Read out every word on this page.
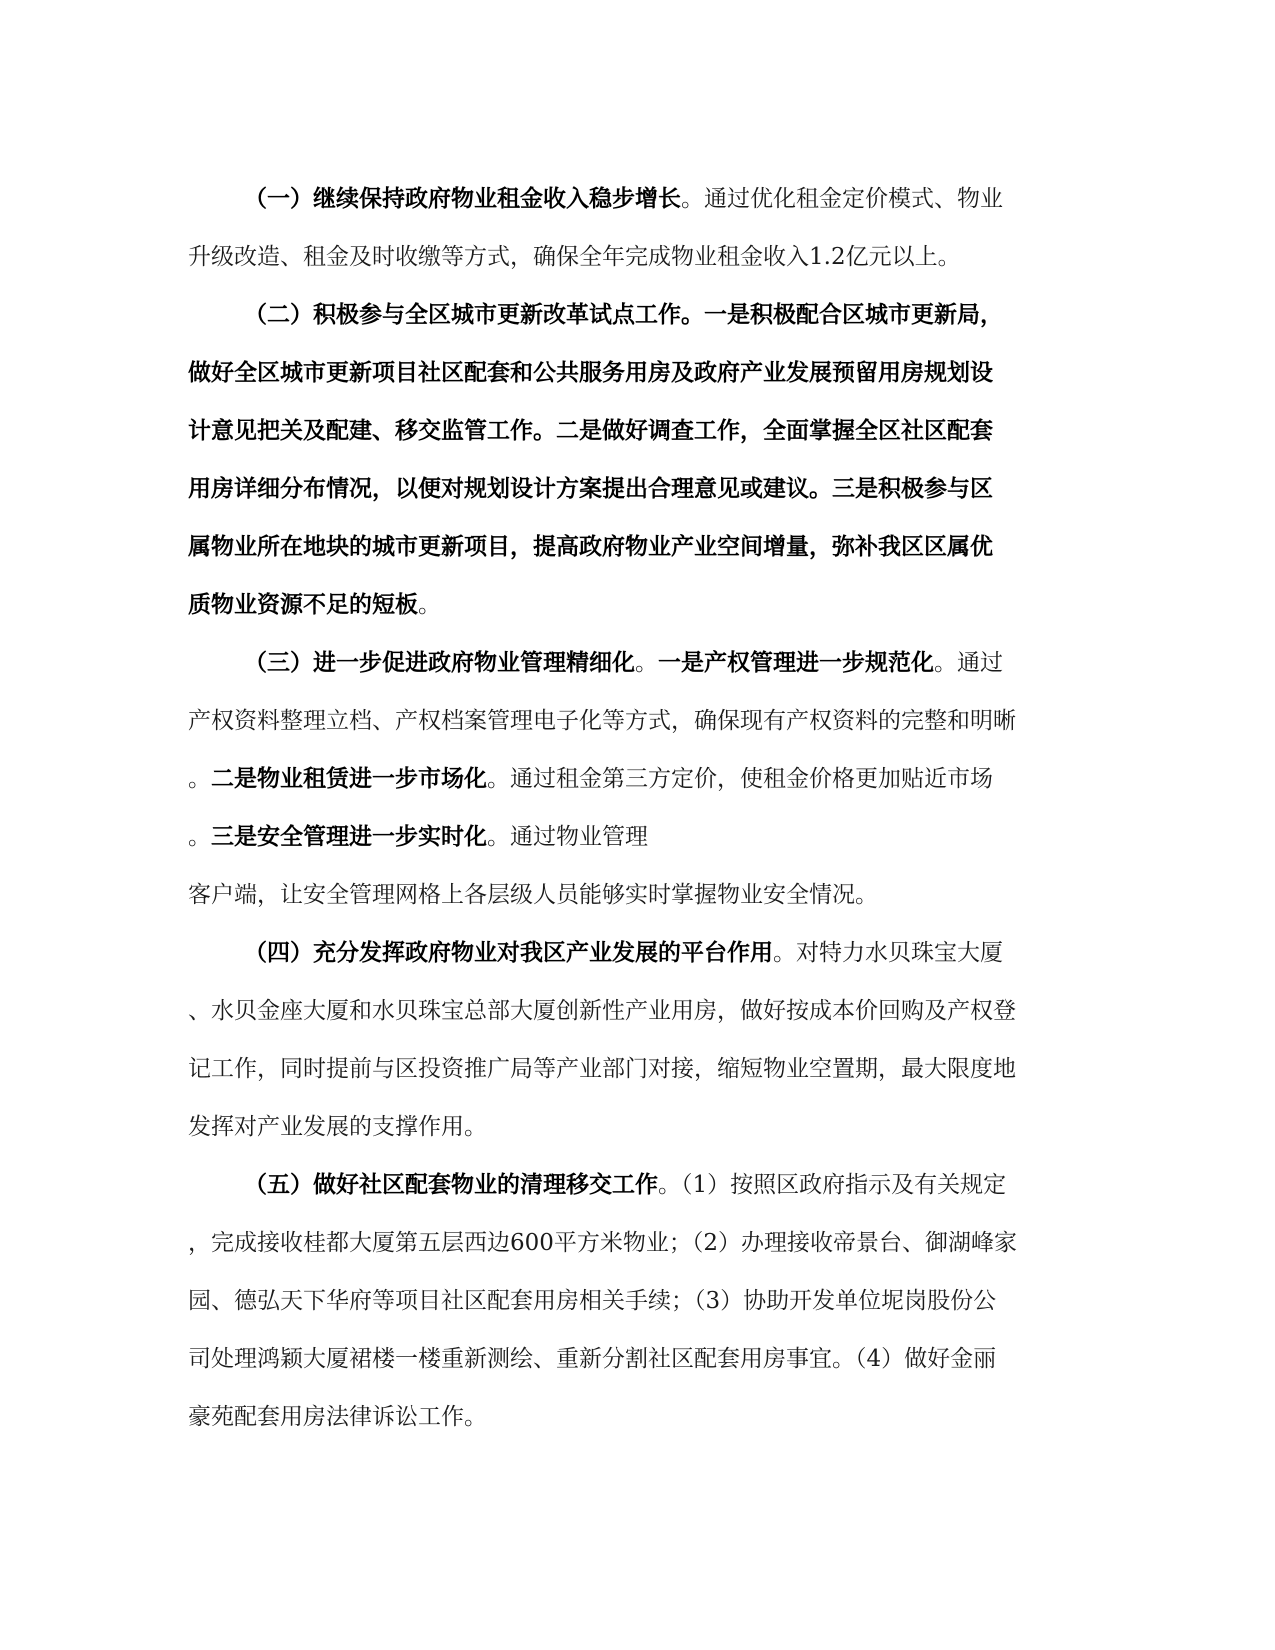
（一）继续保持政府物业租金收入稳步增长。通过优化租金定价模式、物业
升级改造、租金及时收缴等方式，确保全年完成物业租金收入1.2亿元以上。
（二）积极参与全区城市更新改革试点工作。一是积极配合区城市更新局，
做好全区城市更新项目社区配套和公共服务用房及政府产业发展预留用房规划设
计意见把关及配建、移交监管工作。二是做好调查工作，全面掌握全区社区配套
用房详细分布情况，以便对规划设计方案提出合理意见或建议。三是积极参与区
属物业所在地块的城市更新项目，提高政府物业产业空间增量，弥补我区区属优
质物业资源不足的短板。
（三）进一步促进政府物业管理精细化。一是产权管理进一步规范化。通过
产权资料整理立档、产权档案管理电子化等方式，确保现有产权资料的完整和明晰
。二是物业租赁进一步市场化。通过租金第三方定价，使租金价格更加贴近市场
。三是安全管理进一步实时化。通过物业管理
客户端，让安全管理网格上各层级人员能够实时掌握物业安全情况。
（四）充分发挥政府物业对我区产业发展的平台作用。对特力水贝珠宝大厦
、水贝金座大厦和水贝珠宝总部大厦创新性产业用房，做好按成本价回购及产权登
记工作，同时提前与区投资推广局等产业部门对接，缩短物业空置期，最大限度地
发挥对产业发展的支撑作用。
（五）做好社区配套物业的清理移交工作。（1）按照区政府指示及有关规定
，完成接收桂都大厦第五层西边600平方米物业；（2）办理接收帝景台、御湖峰家
园、德弘天下华府等项目社区配套用房相关手续；（3）协助开发单位坭岗股份公
司处理鸿颖大厦裙楼一楼重新测绘、重新分割社区配套用房事宜。（4）做好金丽
豪苑配套用房法律诉讼工作。
